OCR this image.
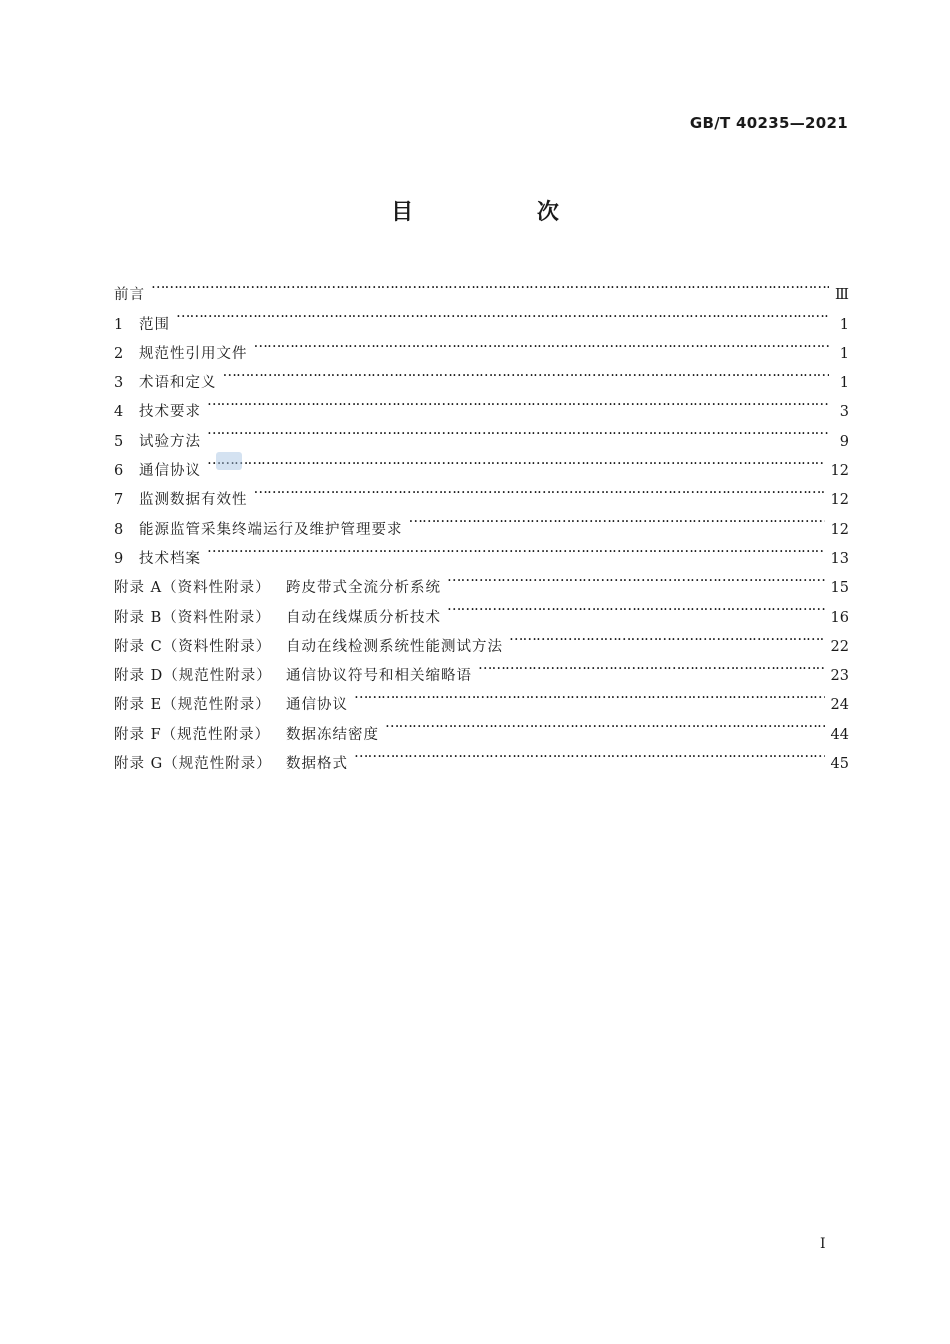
GB/T 40235—2021
目 次
前言 …………………………………………………………………………………………………………………………………………………………………………………………………………………………………………	Ⅲ
1	范围 …………………………………………………………………………………………………………………………………………………………………………………………………………………………………………	1
2	规范性引用文件 …………………………………………………………………………………………………………………………………………………………………………………………………………………………………………	1
3	术语和定义 …………………………………………………………………………………………………………………………………………………………………………………………………………………………………………	1
4	技术要求 …………………………………………………………………………………………………………………………………………………………………………………………………………………………………………	3
5	试验方法 …………………………………………………………………………………………………………………………………………………………………………………………………………………………………………	9
6	通信协议 …………………………………………………………………………………………………………………………………………………………………………………………………………………………………………	12
7	监测数据有效性 …………………………………………………………………………………………………………………………………………………………………………………………………………………………………………	12
8	能源监管采集终端运行及维护管理要求 …………………………………………………………………………………………………………………………………………………………………………………………………………………………………………	12
9	技术档案 …………………………………………………………………………………………………………………………………………………………………………………………………………………………………………	13
附录 A（资料性附录）	跨皮带式全流分析系统 …………………………………………………………………………………………………………………………………………………………………………………………………………………………………………	15
附录 B（资料性附录）	自动在线煤质分析技术 …………………………………………………………………………………………………………………………………………………………………………………………………………………………………………	16
附录 C（资料性附录）	自动在线检测系统性能测试方法 …………………………………………………………………………………………………………………………………………………………………………………………………………………………………………	22
附录 D（规范性附录） 通信协议符号和相关缩略语 …………………………………………………………………………………………………………………………………………………………………………………………………………………………………………	23
附录 E（规范性附录）	通信协议 …………………………………………………………………………………………………………………………………………………………………………………………………………………………………………	24
附录 F（规范性附录）	数据冻结密度 …………………………………………………………………………………………………………………………………………………………………………………………………………………………………………	44
附录 G（规范性附录） 数据格式 …………………………………………………………………………………………………………………………………………………………………………………………………………………………………………	45
I
